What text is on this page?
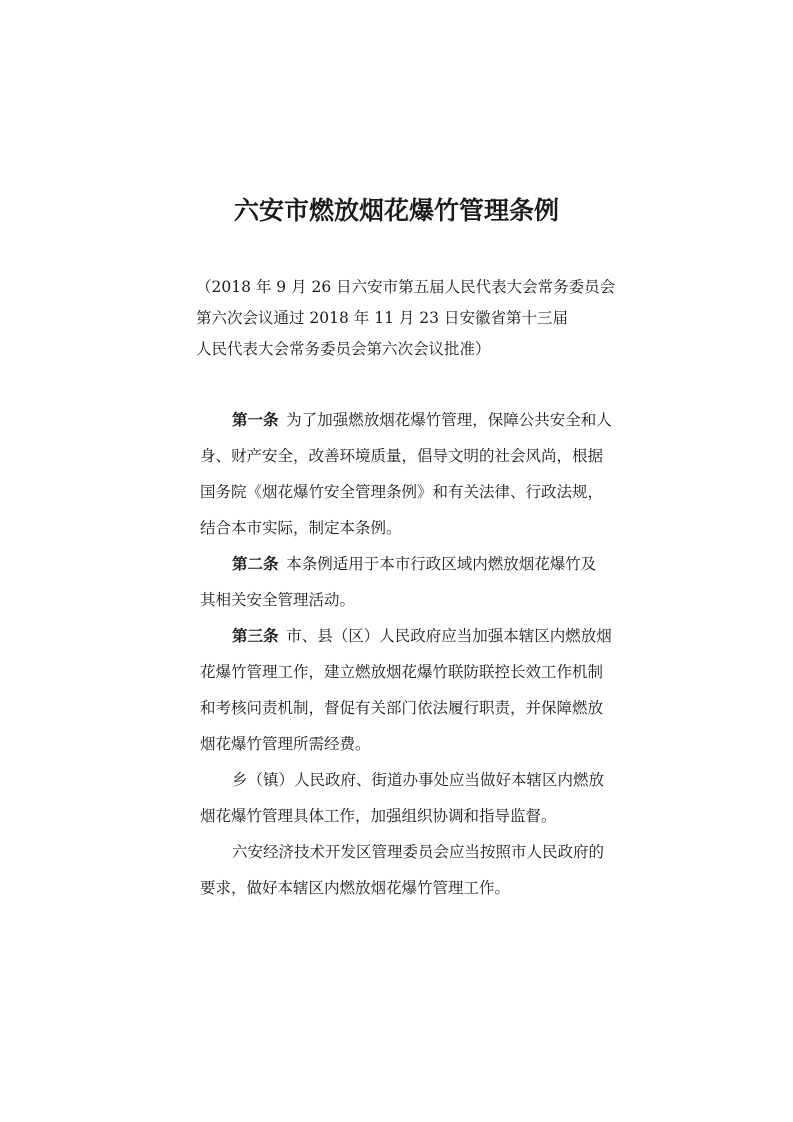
六安市燃放烟花爆竹管理条例
（2018 年 9 月 26 日六安市第五届人民代表大会常务委员会
第六次会议通过 2018 年 11 月 23 日安徽省第十三届
人民代表大会常务委员会第六次会议批准）
第一条  为了加强燃放烟花爆竹管理，保障公共安全和人
身、财产安全，改善环境质量，倡导文明的社会风尚，根据
国务院《烟花爆竹安全管理条例》和有关法律、行政法规，
结合本市实际，制定本条例。
第二条  本条例适用于本市行政区域内燃放烟花爆竹及
其相关安全管理活动。
第三条  市、县（区）人民政府应当加强本辖区内燃放烟
花爆竹管理工作，建立燃放烟花爆竹联防联控长效工作机制
和考核问责机制，督促有关部门依法履行职责，并保障燃放
烟花爆竹管理所需经费。
乡（镇）人民政府、街道办事处应当做好本辖区内燃放
烟花爆竹管理具体工作，加强组织协调和指导监督。
六安经济技术开发区管理委员会应当按照市人民政府的
要求，做好本辖区内燃放烟花爆竹管理工作。
